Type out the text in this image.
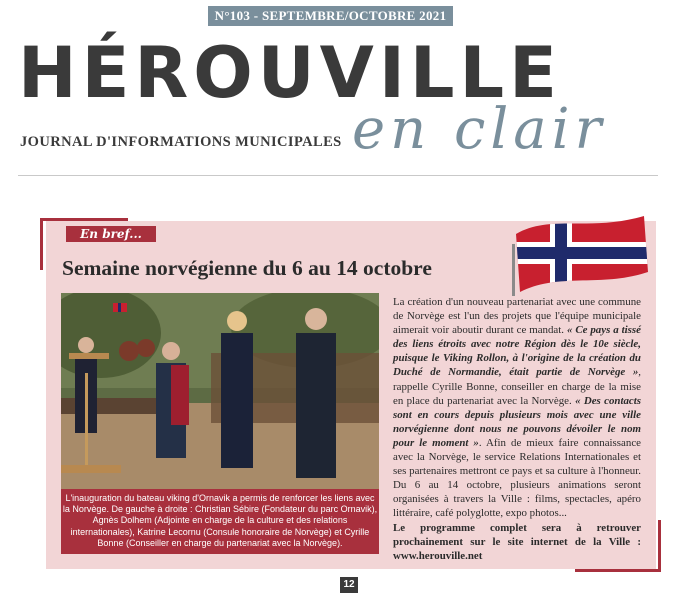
N°103 - SEPTEMBRE/OCTOBRE 2021
HÉROUVILLE
JOURNAL D'INFORMATIONS MUNICIPALES en clair
En bref...
Semaine norvégienne du 6 au 14 octobre
L'inauguration du bateau viking d'Ornavik a permis de renforcer les liens avec la Norvège. De gauche à droite : Christian Sébire (Fondateur du parc Ornavik), Agnès Dolhem (Adjointe en charge de la culture et des relations internationales), Katrine Lecornu (Consule honoraire de Norvège) et Cyrille Bonne (Conseiller en charge du partenariat avec la Norvège).

La création d'un nouveau partenariat avec une commune de Norvège est l'un des projets que l'équipe municipale aimerait voir aboutir durant ce mandat. « Ce pays a tissé des liens étroits avec notre Région dès le 10e siècle, puisque le Viking Rollon, à l'origine de la création du Duché de Normandie, était partie de Norvège », rappelle Cyrille Bonne, conseiller en charge de la mise en place du partenariat avec la Norvège. « Des contacts sont en cours depuis plusieurs mois avec une ville norvégienne dont nous ne pouvons dévoiler le nom pour le moment ». Afin de mieux faire connaissance avec la Norvège, le service Relations Internationales et ses partenaires mettront ce pays et sa culture à l'honneur. Du 6 au 14 octobre, plusieurs animations seront organisées à travers la Ville : films, spectacles, apéro littéraire, café polyglotte, expo photos...

Le programme complet sera à retrouver prochainement sur le site internet de la Ville : www.herouville.net

12
